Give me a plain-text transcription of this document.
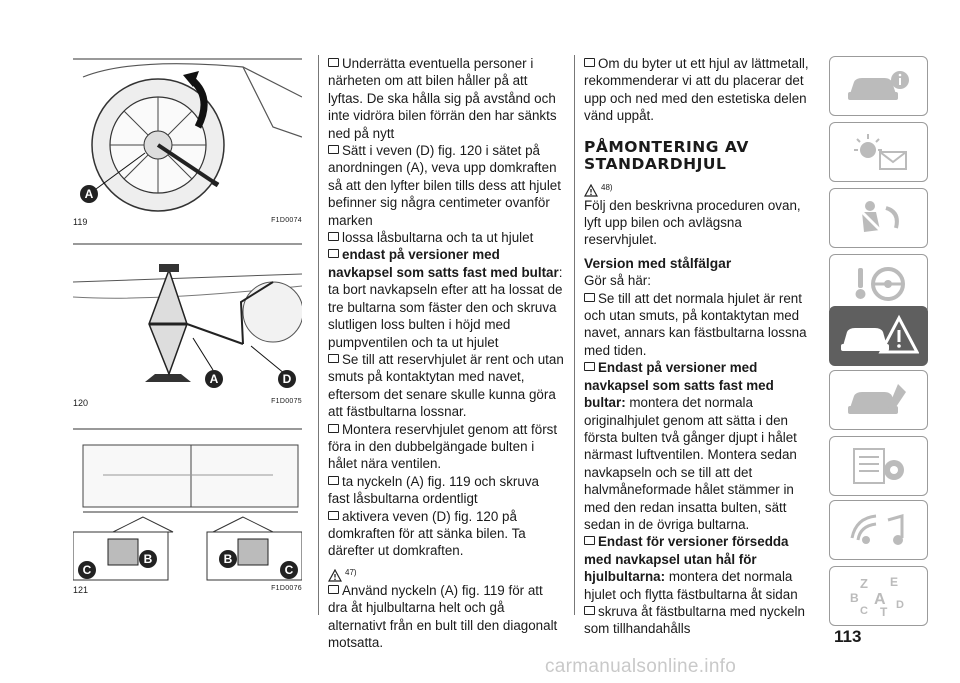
A
119	F1D0074
A	D
120	F1D0075
C
B	B
C
121	F1D0076

Underrätta eventuella personer i närheten om att bilen håller på att lyftas. De ska hålla sig på avstånd och inte vidröra bilen förrän den har sänkts ned på nytt

Sätt i veven (D) fig. 120 i sätet på anordningen (A), veva upp domkraften så att den lyfter bilen tills dess att hjulet befinner sig några centimeter ovanför marken

lossa låsbultarna och ta ut hjulet

endast på versioner med navkapsel som satts fast med bultar: ta bort navkapseln efter att ha lossat de tre bultarna som fäster den och skruva slutligen loss bulten i höjd med pumpventilen och ta ut hjulet

Se till att reservhjulet är rent och utan smuts på kontaktytan med navet, eftersom det senare skulle kunna göra att fästbultarna lossnar.

Montera reservhjulet genom att först föra in den dubbelgängade bulten i hålet nära ventilen.

ta nyckeln (A) fig. 119 och skruva fast låsbultarna ordentligt

aktivera veven (D) fig. 120 på domkraften för att sänka bilen. Ta därefter ut domkraften.

47)

Använd nyckeln (A) fig. 119 för att dra åt hjulbultarna helt och gå alternativt från en bult till den diagonalt motsatta.

Om du byter ut ett hjul av lättmetall, rekommenderar vi att du placerar det upp och ned med den estetiska delen vänd uppåt.

PÅMONTERING AV STANDARDHJUL

48)

Följ den beskrivna proceduren ovan, lyft upp bilen och avlägsna reservhjulet.

Version med stålfälgar

Gör så här:

Se till att det normala hjulet är rent och utan smuts, på kontaktytan med navet, annars kan fästbultarna lossna med tiden.

Endast på versioner med navkapsel som satts fast med bultar: montera det normala originalhjulet genom att sätta i den första bulten två gånger djupt i hålet närmast luftventilen. Montera sedan navkapseln och se till att det halvmåneformade hålet stämmer in med den redan insatta bulten, sätt sedan in de övriga bultarna.

Endast för versioner försedda med navkapsel utan hål för hjulbultarna: montera det normala hjulet och flytta fästbultarna åt sidan

skruva åt fästbultarna med nyckeln som tillhandahålls

Z E
B A D
C T
113
carmanualsonline.info
